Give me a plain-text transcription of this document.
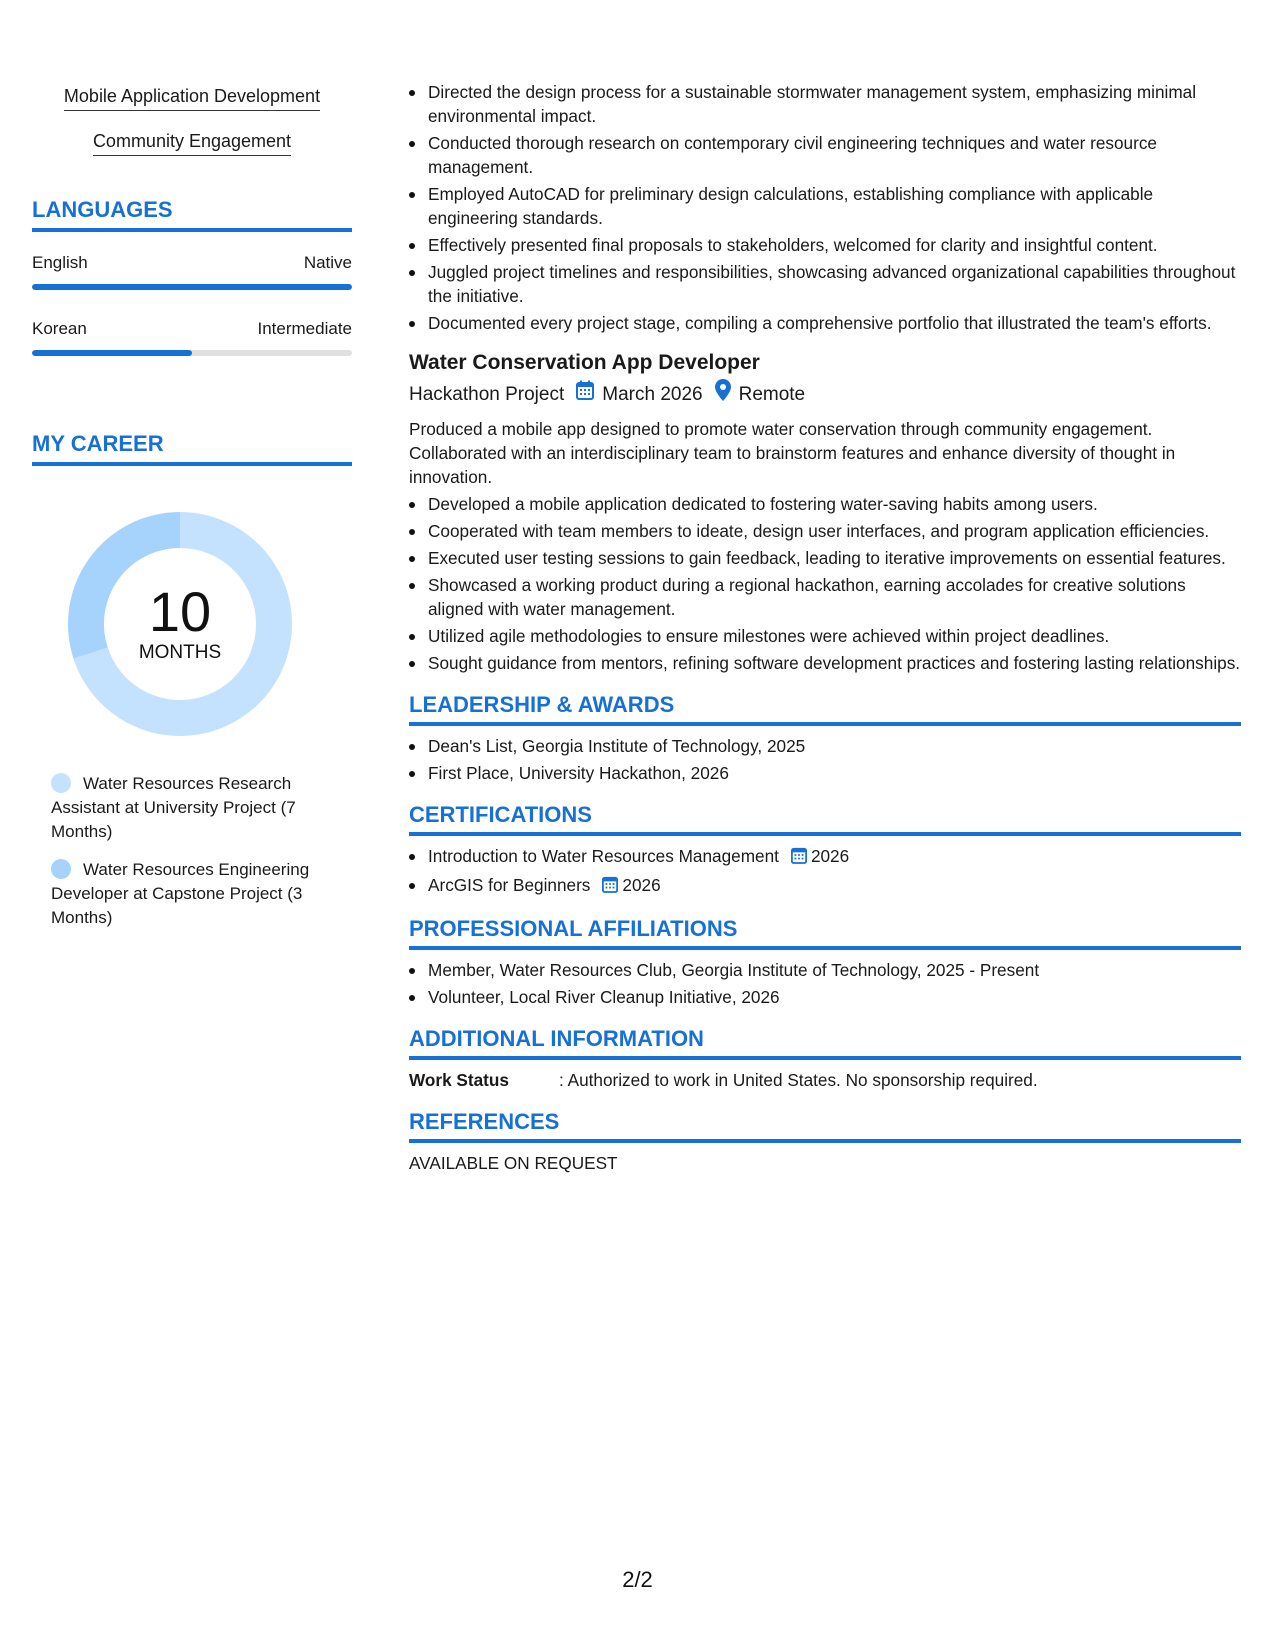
Mobile Application Development
Community Engagement
LANGUAGES
English	Native
Korean	Intermediate
MY CAREER
10
MONTHS
Water Resources Research Assistant at University Project (7 Months)
Water Resources Engineering Developer at Capstone Project (3 Months)
Directed the design process for a sustainable stormwater management system, emphasizing minimal environmental impact.
Conducted thorough research on contemporary civil engineering techniques and water resource management.
Employed AutoCAD for preliminary design calculations, establishing compliance with applicable engineering standards.
Effectively presented final proposals to stakeholders, welcomed for clarity and insightful content.
Juggled project timelines and responsibilities, showcasing advanced organizational capabilities throughout the initiative.
Documented every project stage, compiling a comprehensive portfolio that illustrated the team's efforts.
Water Conservation App Developer
Hackathon Project March 2026 Remote
Produced a mobile app designed to promote water conservation through community engagement. Collaborated with an interdisciplinary team to brainstorm features and enhance diversity of thought in innovation.
Developed a mobile application dedicated to fostering water-saving habits among users.
Cooperated with team members to ideate, design user interfaces, and program application efficiencies.
Executed user testing sessions to gain feedback, leading to iterative improvements on essential features.
Showcased a working product during a regional hackathon, earning accolades for creative solutions aligned with water management.
Utilized agile methodologies to ensure milestones were achieved within project deadlines.
Sought guidance from mentors, refining software development practices and fostering lasting relationships.
LEADERSHIP & AWARDS
Dean's List, Georgia Institute of Technology, 2025
First Place, University Hackathon, 2026
CERTIFICATIONS
Introduction to Water Resources Management 2026
ArcGIS for Beginners 2026
PROFESSIONAL AFFILIATIONS
Member, Water Resources Club, Georgia Institute of Technology, 2025 - Present
Volunteer, Local River Cleanup Initiative, 2026
ADDITIONAL INFORMATION
Work Status	: Authorized to work in United States. No sponsorship required.
REFERENCES
AVAILABLE ON REQUEST
2/2
